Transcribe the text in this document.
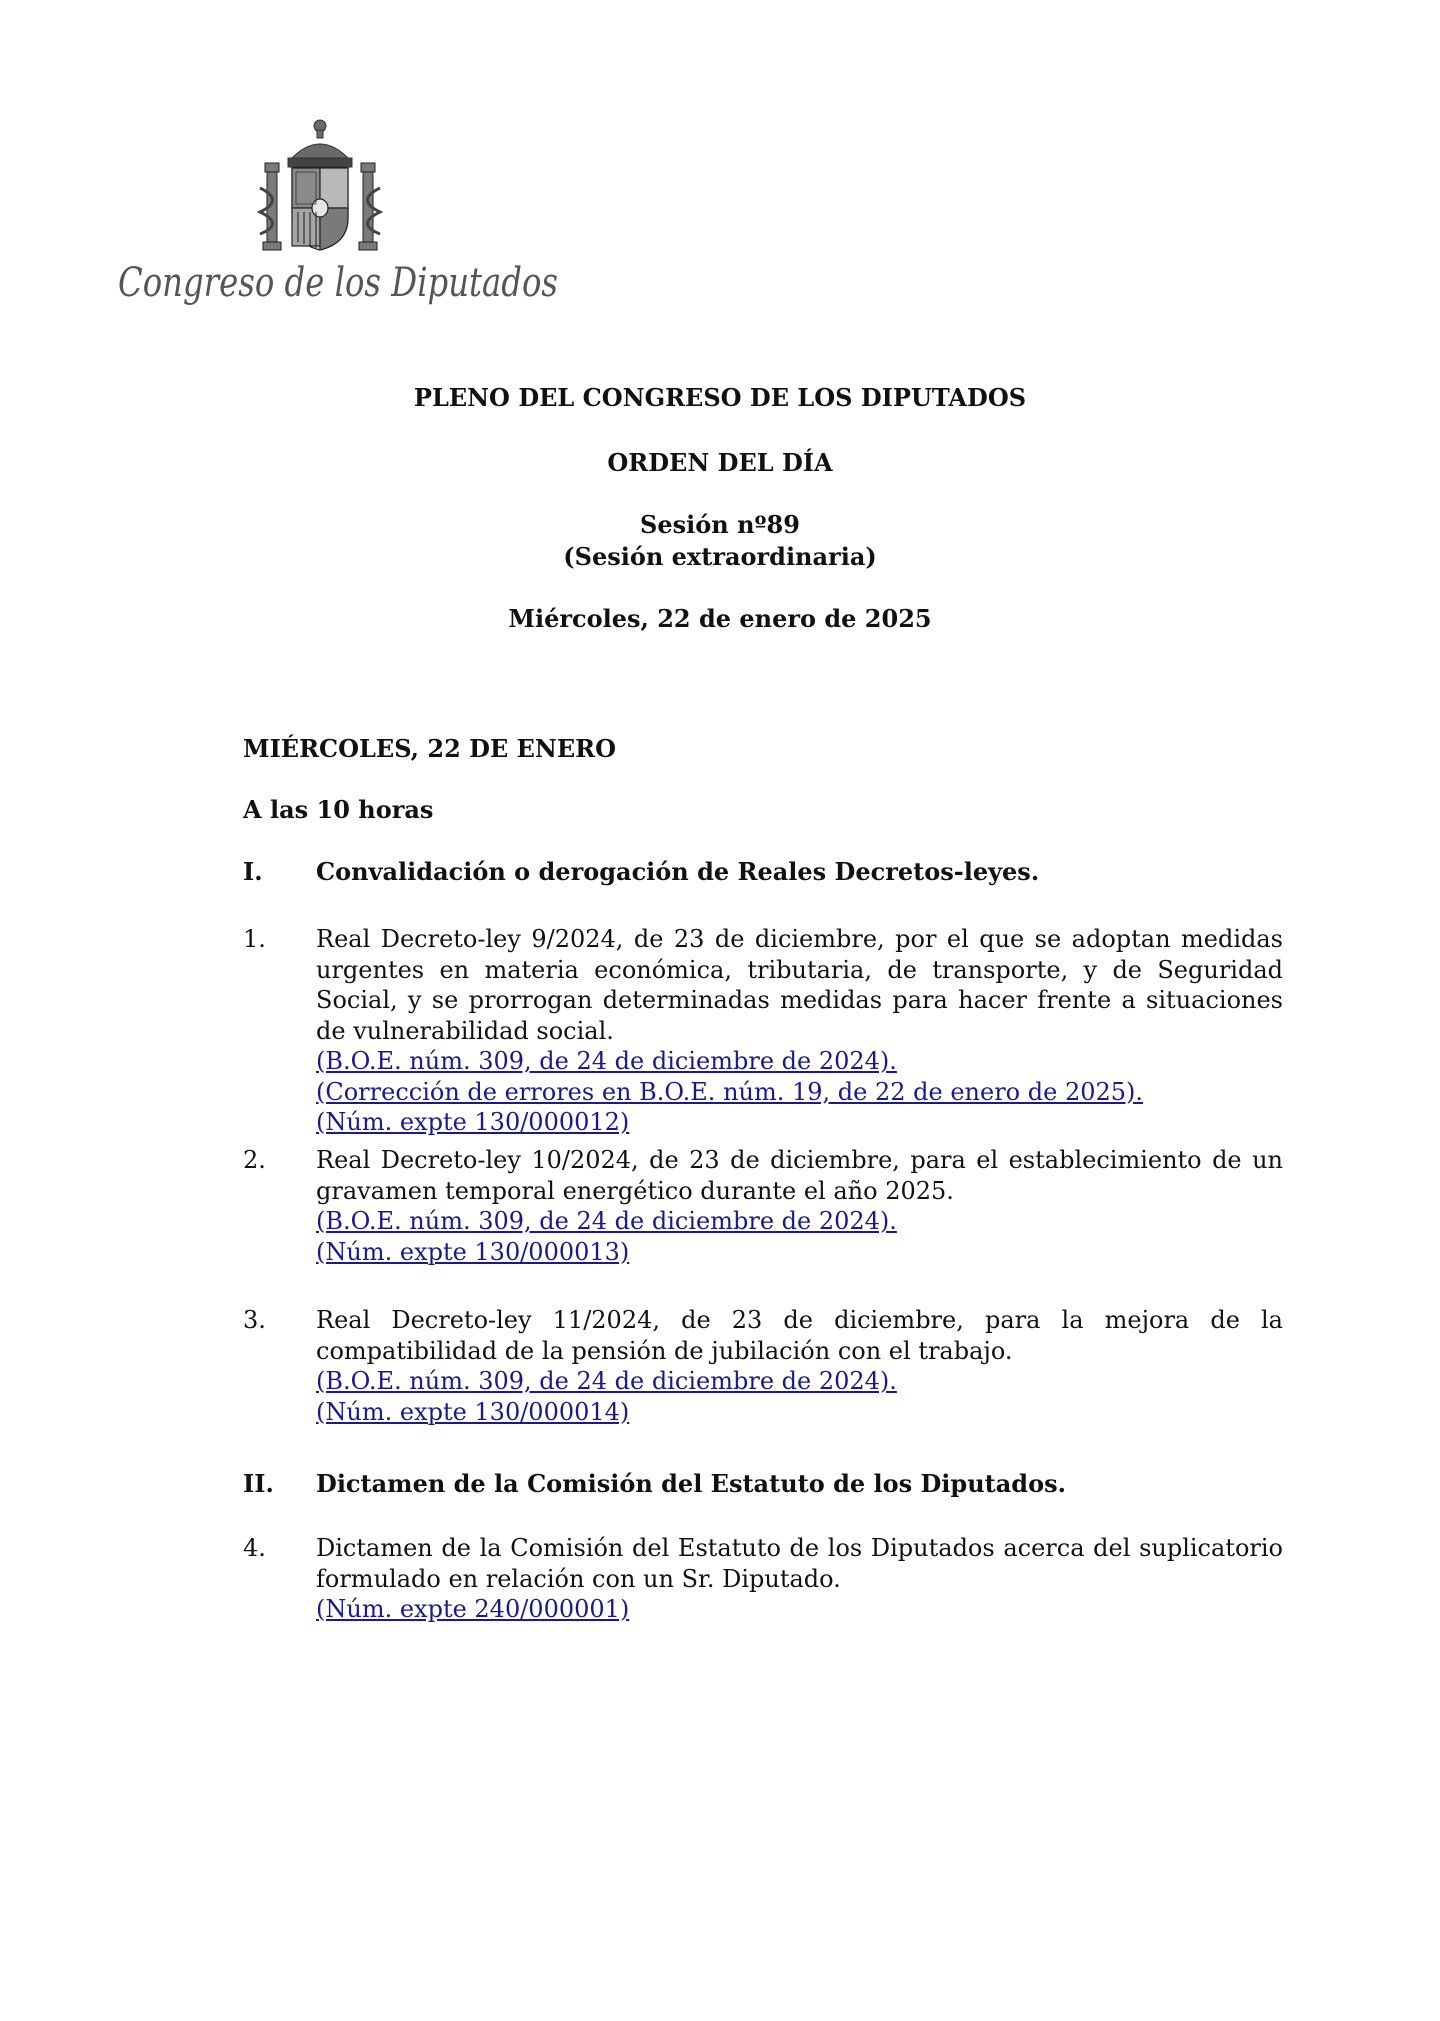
Congreso de los Diputados
PLENO DEL CONGRESO DE LOS DIPUTADOS
ORDEN DEL DÍA
Sesión nº89
(Sesión extraordinaria)
Miércoles, 22 de enero de 2025
MIÉRCOLES, 22 DE ENERO
A las 10 horas
I. Convalidación o derogación de Reales Decretos-leyes.
1. Real Decreto-ley 9/2024, de 23 de diciembre, por el que se adoptan medidas urgentes en materia económica, tributaria, de transporte, y de Seguridad Social, y se prorrogan determinadas medidas para hacer frente a situaciones de vulnerabilidad social.
(B.O.E. núm. 309, de 24 de diciembre de 2024).
(Corrección de errores en B.O.E. núm. 19, de 22 de enero de 2025).
(Núm. expte 130/000012)
2. Real Decreto-ley 10/2024, de 23 de diciembre, para el establecimiento de un gravamen temporal energético durante el año 2025.
(B.O.E. núm. 309, de 24 de diciembre de 2024).
(Núm. expte 130/000013)
3. Real Decreto-ley 11/2024, de 23 de diciembre, para la mejora de la compatibilidad de la pensión de jubilación con el trabajo.
(B.O.E. núm. 309, de 24 de diciembre de 2024).
(Núm. expte 130/000014)
II. Dictamen de la Comisión del Estatuto de los Diputados.
4. Dictamen de la Comisión del Estatuto de los Diputados acerca del suplicatorio formulado en relación con un Sr. Diputado.
(Núm. expte 240/000001)
